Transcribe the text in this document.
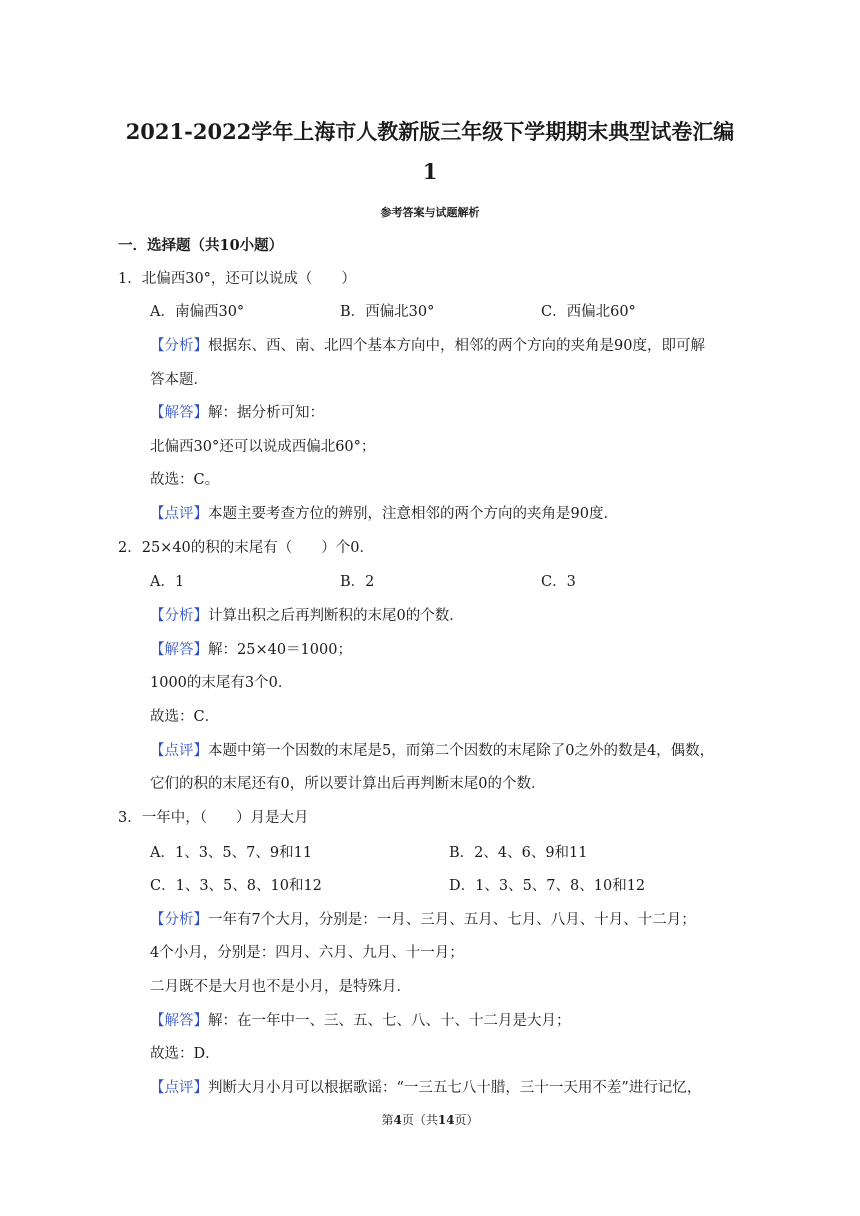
2021-2022学年上海市人教新版三年级下学期期末典型试卷汇编
1
参考答案与试题解析
一．选择题（共10小题）
1．北偏西30°，还可以说成（　　）
A．南偏西30°	B．西偏北30°	C．西偏北60°
【分析】根据东、西、南、北四个基本方向中，相邻的两个方向的夹角是90度，即可解
答本题．
【解答】解：据分析可知：
北偏西30°还可以说成西偏北60°；
故选：C。
【点评】本题主要考查方位的辨别，注意相邻的两个方向的夹角是90度．
2．25×40的积的末尾有（　　）个0．
A．1	B．2	C．3
【分析】计算出积之后再判断积的末尾0的个数．
【解答】解：25×40＝1000；
1000的末尾有3个0．
故选：C．
【点评】本题中第一个因数的末尾是5，而第二个因数的末尾除了0之外的数是4，偶数，
它们的积的末尾还有0，所以要计算出后再判断末尾0的个数．
3．一年中，（　　）月是大月
A．1、3、5、7、9和11	B．2、4、6、9和11
C．1、3、5、8、10和12	D．1、3、5、7、8、10和12
【分析】一年有7个大月，分别是：一月、三月、五月、七月、八月、十月、十二月；
4个小月，分别是：四月、六月、九月、十一月；
二月既不是大月也不是小月，是特殊月．
【解答】解：在一年中一、三、五、七、八、十、十二月是大月；
故选：D．
【点评】判断大月小月可以根据歌谣：“一三五七八十腊，三十一天用不差”进行记忆，
第4页（共14页）
